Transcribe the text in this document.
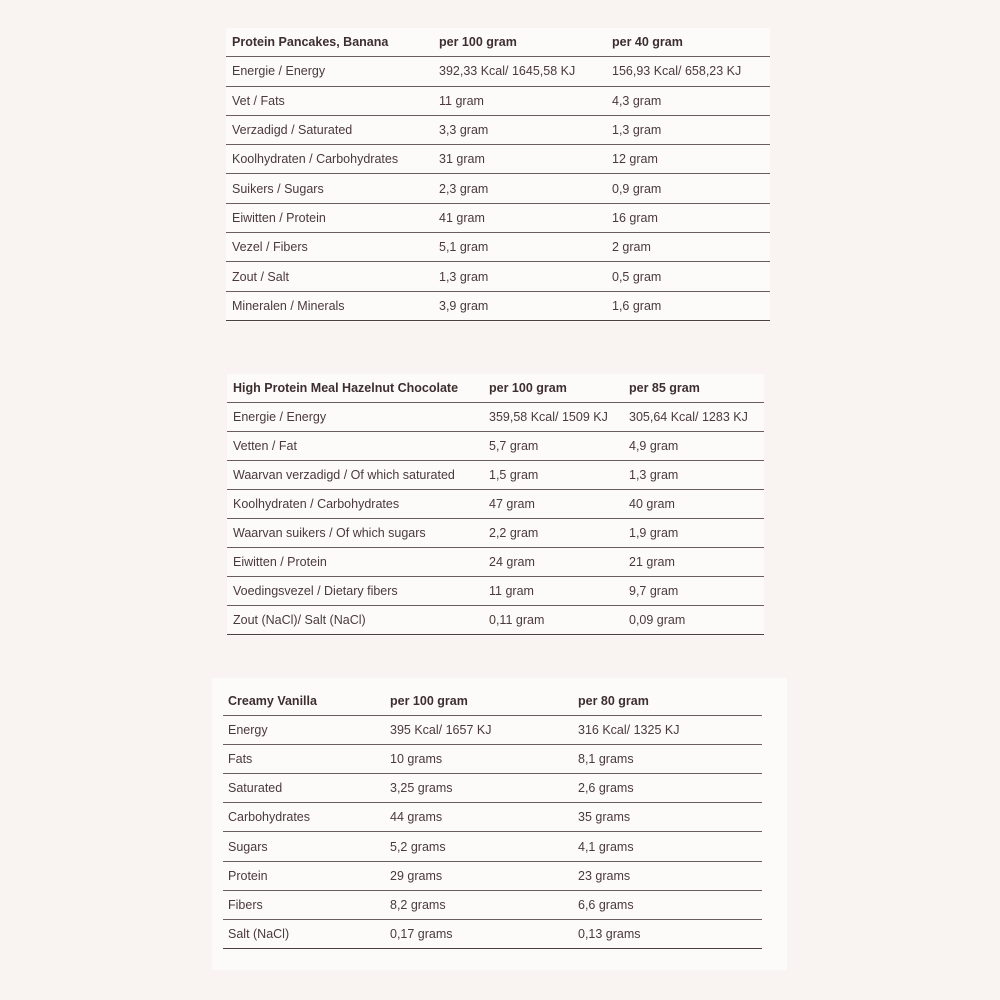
Protein Pancakes, Banana	per 100 gram	per 40 gram
Energie / Energy	392,33 Kcal/ 1645,58 KJ	156,93 Kcal/ 658,23 KJ
Vet / Fats	11 gram	4,3 gram
Verzadigd / Saturated	3,3 gram	1,3 gram
Koolhydraten / Carbohydrates	31 gram	12 gram
Suikers / Sugars	2,3 gram	0,9 gram
Eiwitten / Protein	41 gram	16 gram
Vezel / Fibers	5,1 gram	2 gram
Zout / Salt	1,3 gram	0,5 gram
Mineralen / Minerals	3,9 gram	1,6 gram
High Protein Meal Hazelnut Chocolate	per 100 gram	per 85 gram
Energie / Energy	359,58 Kcal/ 1509 KJ	305,64 Kcal/ 1283 KJ
Vetten / Fat	5,7 gram	4,9 gram
Waarvan verzadigd / Of which saturated	1,5 gram	1,3 gram
Koolhydraten / Carbohydrates	47 gram	40 gram
Waarvan suikers / Of which sugars	2,2 gram	1,9 gram
Eiwitten / Protein	24 gram	21 gram
Voedingsvezel / Dietary fibers	11 gram	9,7 gram
Zout (NaCl)/ Salt (NaCl)	0,11 gram	0,09 gram
Creamy Vanilla	per 100 gram	per 80 gram
Energy	395 Kcal/ 1657 KJ	316 Kcal/ 1325 KJ
Fats	10 grams	8,1 grams
Saturated	3,25 grams	2,6 grams
Carbohydrates	44 grams	35 grams
Sugars	5,2 grams	4,1 grams
Protein	29 grams	23 grams
Fibers	8,2 grams	6,6 grams
Salt (NaCl)	0,17 grams	0,13 grams
